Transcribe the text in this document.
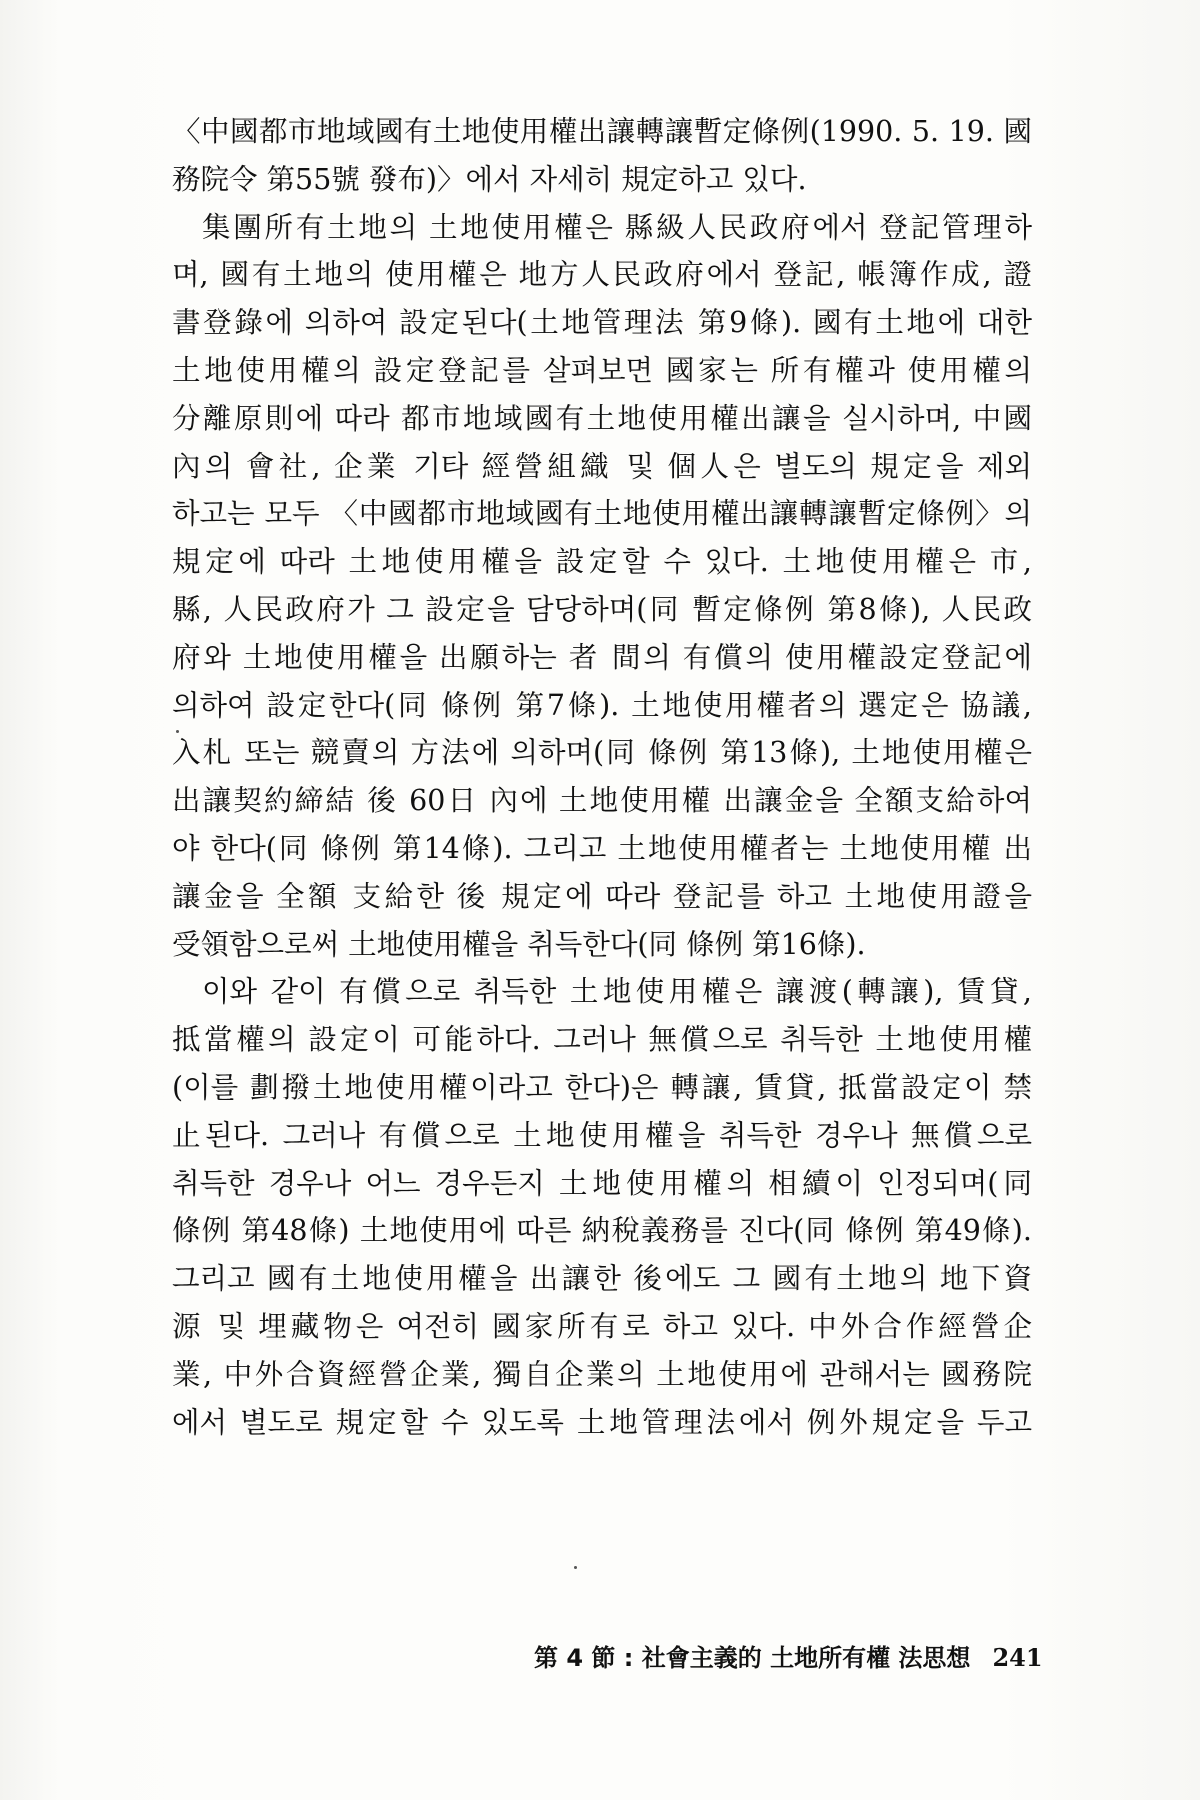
〈中國都市地域國有土地使用權出讓轉讓暫定條例(1990. 5. 19. 國
務院令 第55號 發布)〉에서 자세히 規定하고 있다.
集團所有土地의 土地使用權은 縣級人民政府에서 登記管理하
며, 國有土地의 使用權은 地方人民政府에서 登記, 帳簿作成, 證
書登錄에 의하여 設定된다(土地管理法 第9條). 國有土地에 대한
土地使用權의 設定登記를 살펴보면 國家는 所有權과 使用權의
分離原則에 따라 都市地域國有土地使用權出讓을 실시하며, 中國
內의 會社, 企業 기타 經營組織 및 個人은 별도의 規定을 제외
하고는 모두 〈中國都市地域國有土地使用權出讓轉讓暫定條例〉의
規定에 따라 土地使用權을 設定할 수 있다. 土地使用權은 市,
縣, 人民政府가 그 設定을 담당하며(同 暫定條例 第8條), 人民政
府와 土地使用權을 出願하는 者 間의 有償의 使用權設定登記에
의하여 設定한다(同 條例 第7條). 土地使用權者의 選定은 協議,
入札 또는 競賣의 方法에 의하며(同 條例 第13條), 土地使用權은
出讓契約締結 後 60日 內에 土地使用權 出讓金을 全額支給하여
야 한다(同 條例 第14條). 그리고 土地使用權者는 土地使用權 出
讓金을 全額 支給한 後 規定에 따라 登記를 하고 土地使用證을
受領함으로써 土地使用權을 취득한다(同 條例 第16條).
이와 같이 有償으로 취득한 土地使用權은 讓渡(轉讓), 賃貸,
抵當權의 設定이 可能하다. 그러나 無償으로 취득한 土地使用權
(이를 劃撥土地使用權이라고 한다)은 轉讓, 賃貸, 抵當設定이 禁
止된다. 그러나 有償으로 土地使用權을 취득한 경우나 無償으로
취득한 경우나 어느 경우든지 土地使用權의 相續이 인정되며(同
條例 第48條) 土地使用에 따른 納稅義務를 진다(同 條例 第49條).
그리고 國有土地使用權을 出讓한 後에도 그 國有土地의 地下資
源 및 埋藏物은 여전히 國家所有로 하고 있다. 中外合作經營企
業, 中外合資經營企業, 獨自企業의 土地使用에 관해서는 國務院
에서 별도로 規定할 수 있도록 土地管理法에서 例外規定을 두고
第 4 節 : 社會主義的 土地所有權 法思想 241
